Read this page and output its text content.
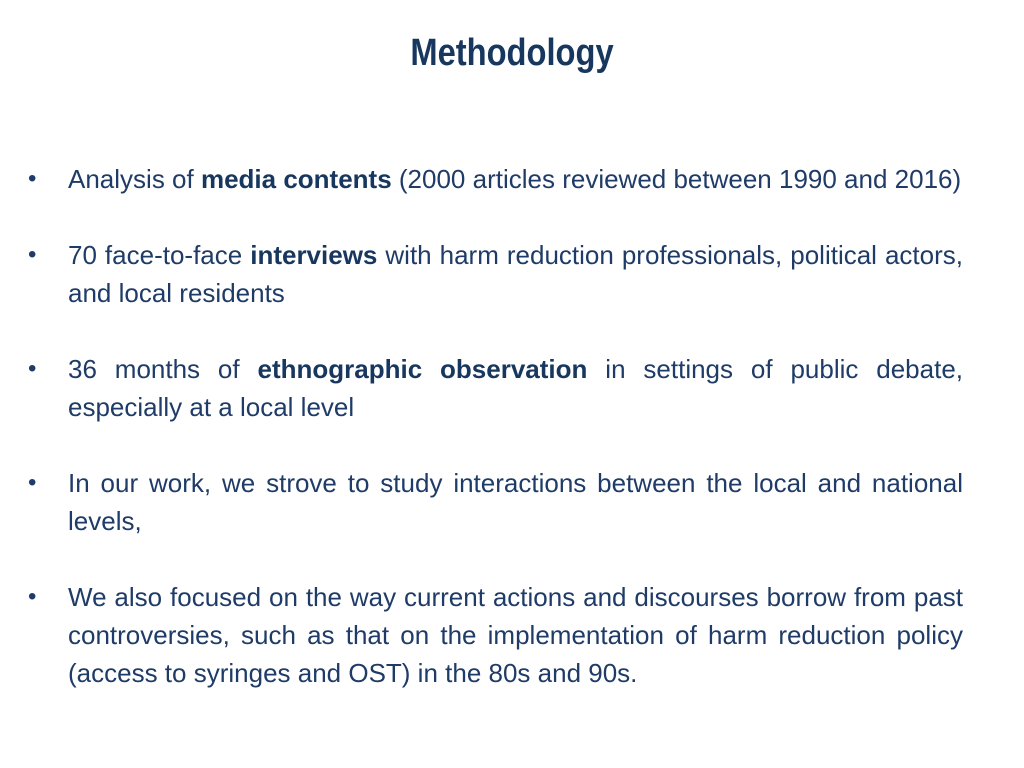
Methodology
• Analysis of media contents (2000 articles reviewed between 1990 and 2016)
• 70 face-to-face interviews with harm reduction professionals, political actors, and local residents
• 36 months of ethnographic observation in settings of public debate, especially at a local level
• In our work, we strove to study interactions between the local and national levels,
• We also focused on the way current actions and discourses borrow from past controversies, such as that on the implementation of harm reduction policy (access to syringes and OST) in the 80s and 90s.
